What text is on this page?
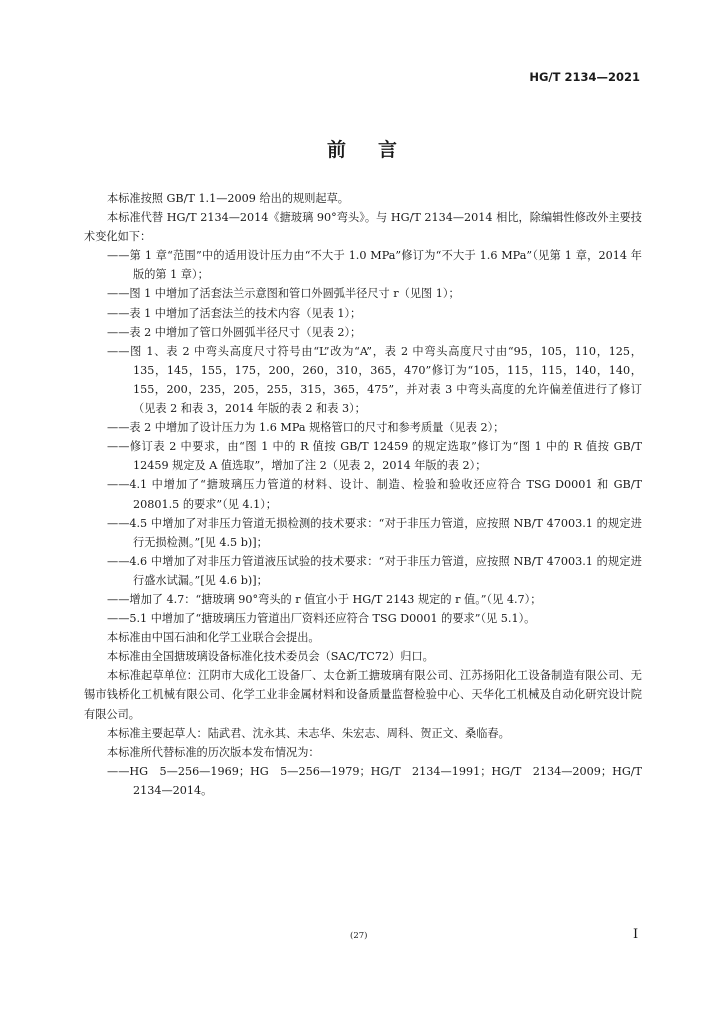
HG/T 2134—2021
前言
本标准按照 GB/T 1.1—2009 给出的规则起草。
本标准代替 HG/T 2134—2014《搪玻璃 90°弯头》。与 HG/T 2134—2014 相比，除编辑性修改外主要技术变化如下：
——第 1 章“范围”中的适用设计压力由“不大于 1.0 MPa”修订为“不大于 1.6 MPa”（见第 1 章，2014 年版的第 1 章）；
——图 1 中增加了活套法兰示意图和管口外圆弧半径尺寸 r（见图 1）；
——表 1 中增加了活套法兰的技术内容（见表 1）；
——表 2 中增加了管口外圆弧半径尺寸（见表 2）；
——图 1、表 2 中弯头高度尺寸符号由“L”改为“A”，表 2 中弯头高度尺寸由“95，105，110，125，135，145，155，175，200，260，310，365，470”修订为“105，115，115，140，140，155，200，235，205，255，315，365，475”，并对表 3 中弯头高度的允许偏差值进行了修订（见表 2 和表 3，2014 年版的表 2 和表 3）；
——表 2 中增加了设计压力为 1.6 MPa 规格管口的尺寸和参考质量（见表 2）；
——修订表 2 中要求，由“图 1 中的 R 值按 GB/T 12459 的规定选取”修订为“图 1 中的 R 值按 GB/T 12459 规定及 A 值选取”，增加了注 2（见表 2，2014 年版的表 2）；
——4.1 中增加了“搪玻璃压力管道的材料、设计、制造、检验和验收还应符合 TSG D0001 和 GB/T 20801.5 的要求”（见 4.1）；
——4.5 中增加了对非压力管道无损检测的技术要求：“对于非压力管道，应按照 NB/T 47003.1 的规定进行无损检测。”[见 4.5 b)]；
——4.6 中增加了对非压力管道液压试验的技术要求：“对于非压力管道，应按照 NB/T 47003.1 的规定进行盛水试漏。”[见 4.6 b)]；
——增加了 4.7：“搪玻璃 90°弯头的 r 值宜小于 HG/T 2143 规定的 r 值。”（见 4.7）；
——5.1 中增加了“搪玻璃压力管道出厂资料还应符合 TSG D0001 的要求”（见 5.1）。
本标准由中国石油和化学工业联合会提出。
本标准由全国搪玻璃设备标准化技术委员会（SAC/TC72）归口。
本标准起草单位：江阴市大成化工设备厂、太仓新工搪玻璃有限公司、江苏扬阳化工设备制造有限公司、无锡市钱桥化工机械有限公司、化学工业非金属材料和设备质量监督检验中心、天华化工机械及自动化研究设计院有限公司。
本标准主要起草人：陆武君、沈永其、未志华、朱宏志、周科、贺正文、桑临春。
本标准所代替标准的历次版本发布情况为：
——HG 5—256—1969；HG 5—256—1979；HG/T 2134—1991；HG/T 2134—2009；HG/T 2134—2014。
(27)	I
